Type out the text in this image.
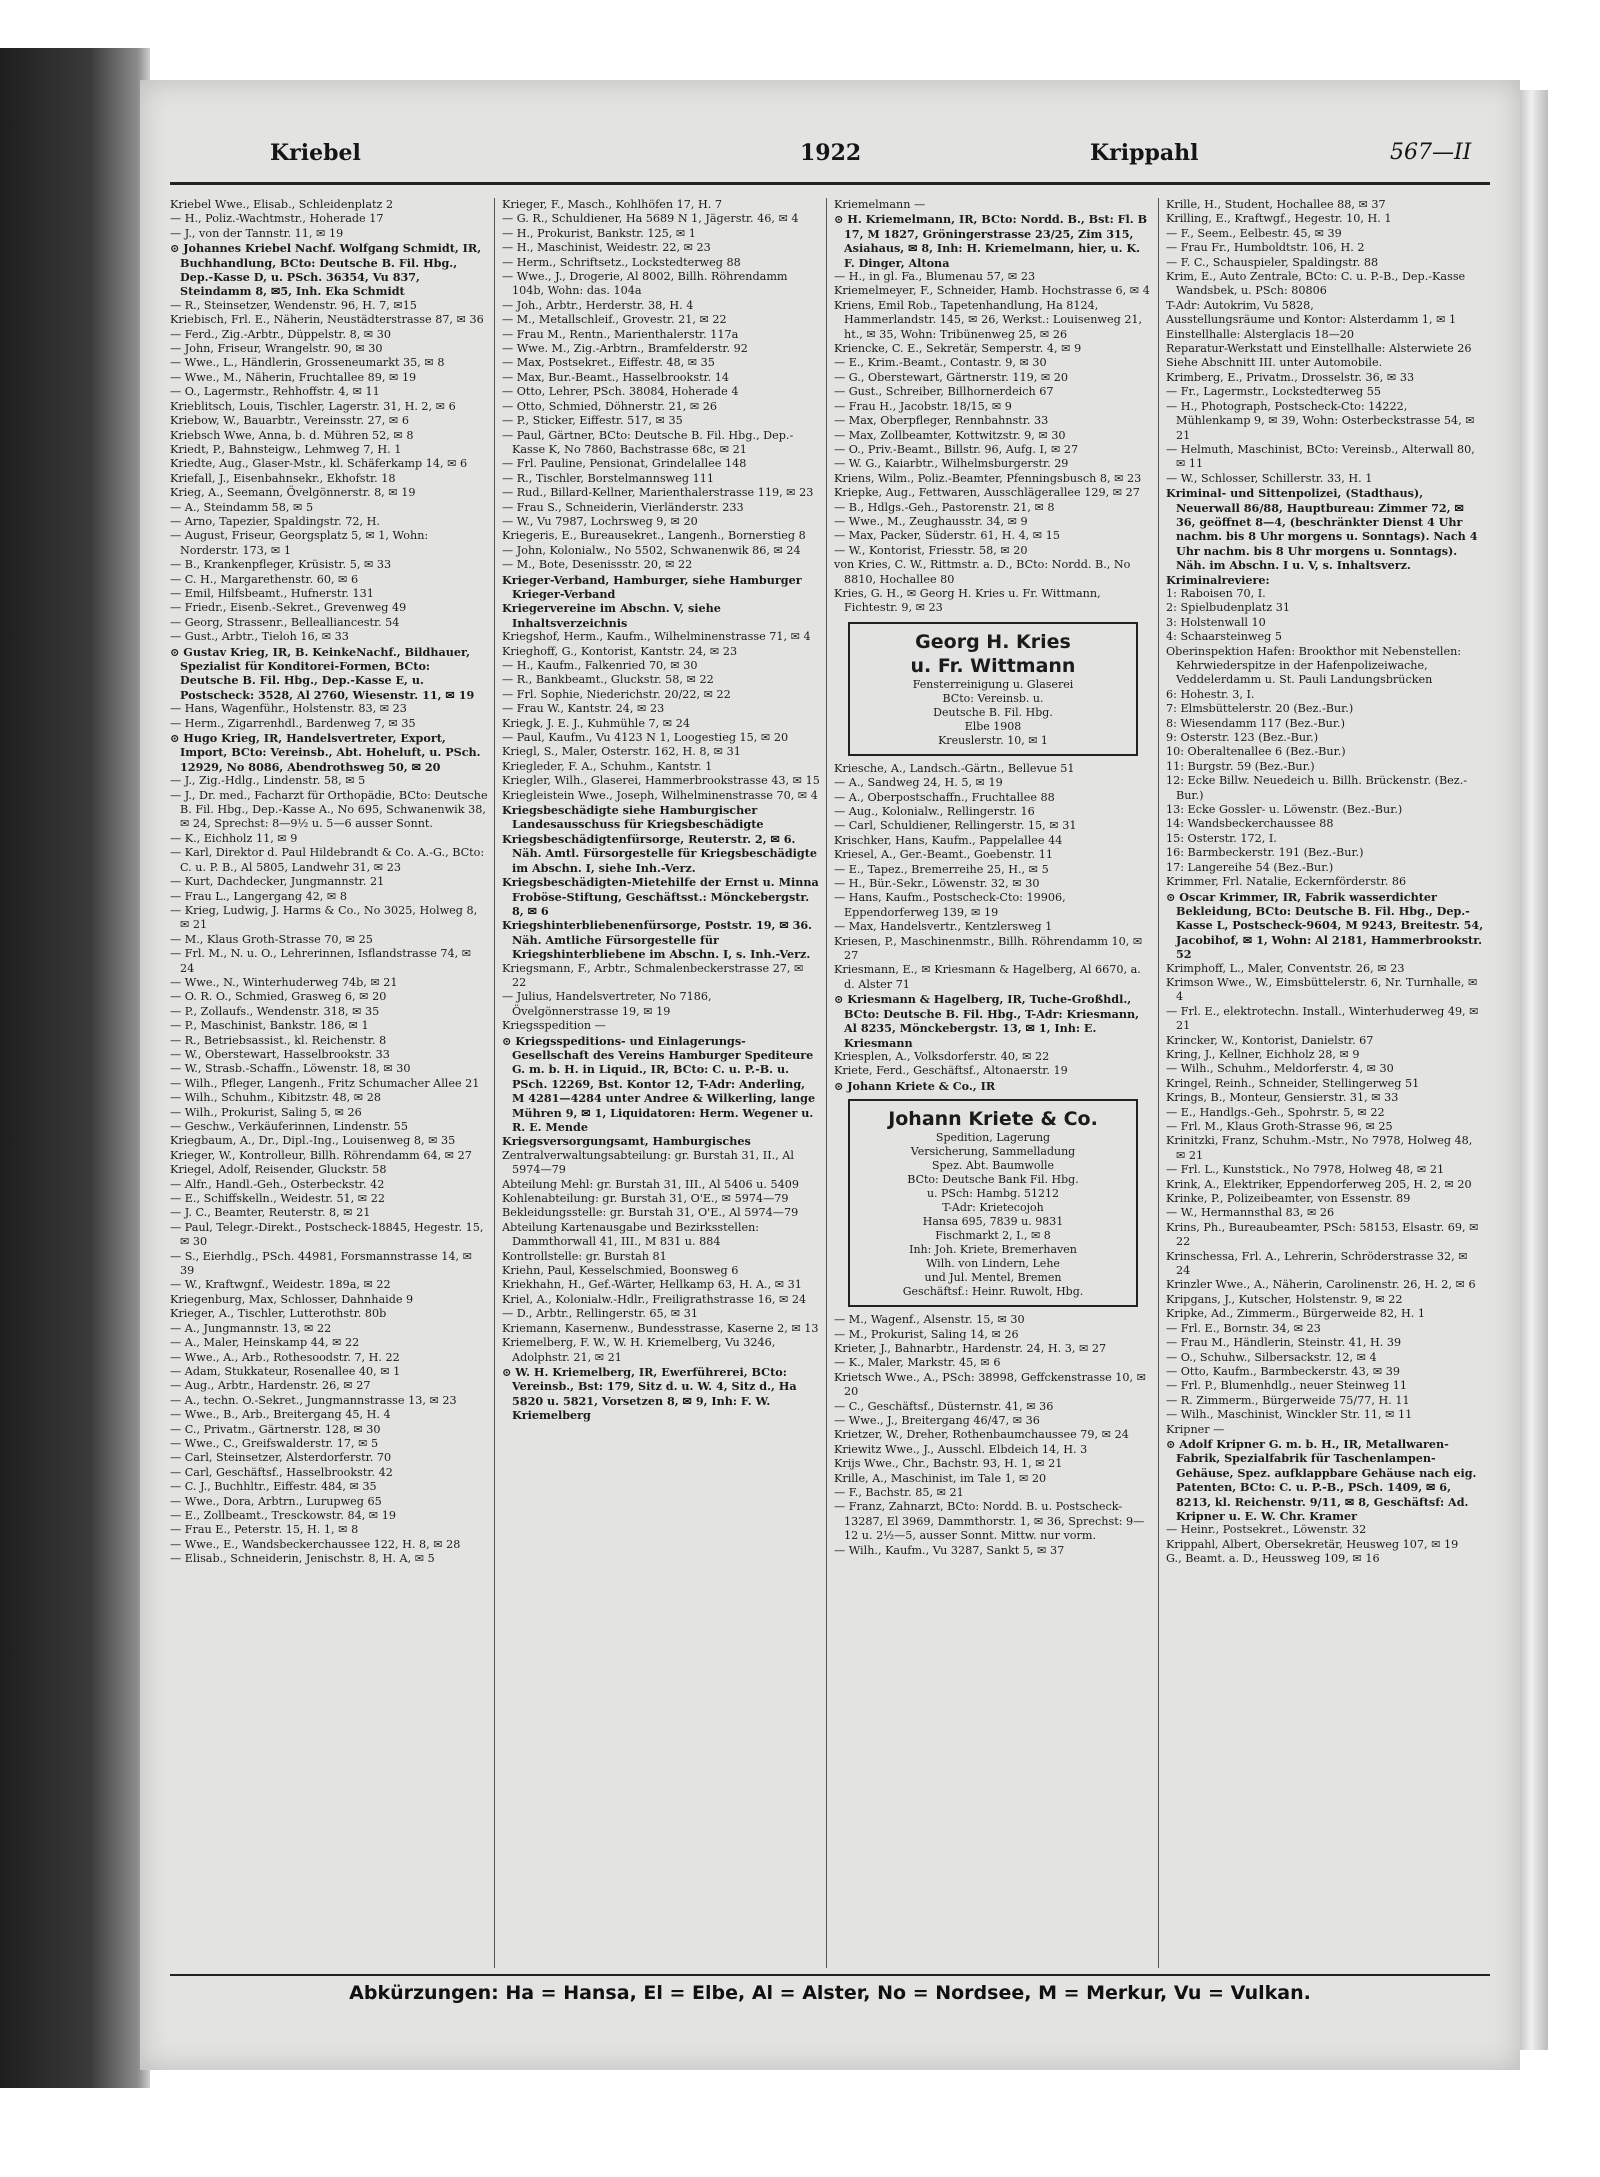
Kriebel	1922	Krippahl	567—II

Kriebel Wwe., Elisab., Schleidenplatz 2

— H., Poliz.-Wachtmstr., Hoherade 17

— J., von der Tannstr. 11, ✉ 19

⊙ Johannes Kriebel Nachf. Wolfgang Schmidt, IR, Buchhandlung, BCto: Deutsche B. Fil. Hbg., Dep.-Kasse D, u. PSch. 36354, Vu 837, Steindamm 8, ✉5, Inh. Eka Schmidt

— R., Steinsetzer, Wendenstr. 96, H. 7, ✉15

Kriebisch, Frl. E., Näherin, Neustädterstrasse 87, ✉ 36

— Ferd., Zig.-Arbtr., Düppelstr. 8, ✉ 30

— John, Friseur, Wrangelstr. 90, ✉ 30

— Wwe., L., Händlerin, Grosseneumarkt 35, ✉ 8

— Wwe., M., Näherin, Fruchtallee 89, ✉ 19

— O., Lagermstr., Rehhoffstr. 4, ✉ 11

Krieblitsch, Louis, Tischler, Lagerstr. 31, H. 2, ✉ 6

Kriebow, W., Bauarbtr., Vereinsstr. 27, ✉ 6

Kriebsch Wwe, Anna, b. d. Mühren 52, ✉ 8

Kriedt, P., Bahnsteigw., Lehmweg 7, H. 1

Kriedte, Aug., Glaser-Mstr., kl. Schäferkamp 14, ✉ 6

Kriefall, J., Eisenbahnsekr., Ekhofstr. 18

Krieg, A., Seemann, Övelgönnerstr. 8, ✉ 19

— A., Steindamm 58, ✉ 5

— Arno, Tapezier, Spaldingstr. 72, H.

— August, Friseur, Georgsplatz 5, ✉ 1, Wohn: Norderstr. 173, ✉ 1

— B., Krankenpfleger, Krüsistr. 5, ✉ 33

— C. H., Margarethenstr. 60, ✉ 6

— Emil, Hilfsbeamt., Hufnerstr. 131

— Friedr., Eisenb.-Sekret., Grevenweg 49

— Georg, Strassenr., Bellealliancestr. 54

— Gust., Arbtr., Tieloh 16, ✉ 33

⊙ Gustav Krieg, IR, B. KeinkeNachf., Bildhauer, Spezialist für Konditorei-Formen, BCto: Deutsche B. Fil. Hbg., Dep.-Kasse E, u. Postscheck: 3528, Al 2760, Wiesenstr. 11, ✉ 19

— Hans, Wagenführ., Holstenstr. 83, ✉ 23

— Herm., Zigarrenhdl., Bardenweg 7, ✉ 35

⊙ Hugo Krieg, IR, Handelsvertreter, Export, Import, BCto: Vereinsb., Abt. Hoheluft, u. PSch. 12929, No 8086, Abendrothsweg 50, ✉ 20

— J., Zig.-Hdlg., Lindenstr. 58, ✉ 5

— J., Dr. med., Facharzt für Orthopädie, BCto: Deutsche B. Fil. Hbg., Dep.-Kasse A., No 695, Schwanenwik 38, ✉ 24, Sprechst: 8—9½ u. 5—6 ausser Sonnt.

— K., Eichholz 11, ✉ 9

— Karl, Direktor d. Paul Hildebrandt & Co. A.-G., BCto: C. u. P. B., Al 5805, Landwehr 31, ✉ 23

— Kurt, Dachdecker, Jungmannstr. 21

— Frau L., Langergang 42, ✉ 8

— Krieg, Ludwig, J. Harms & Co., No 3025, Holweg 8, ✉ 21

— M., Klaus Groth-Strasse 70, ✉ 25

— Frl. M., N. u. O., Lehrerinnen, Isflandstrasse 74, ✉ 24

— Wwe., N., Winterhuderweg 74b, ✉ 21

— O. R. O., Schmied, Grasweg 6, ✉ 20

— P., Zollaufs., Wendenstr. 318, ✉ 35

— P., Maschinist, Bankstr. 186, ✉ 1

— R., Betriebsassist., kl. Reichenstr. 8

— W., Oberstewart, Hasselbrookstr. 33

— W., Strasb.-Schaffn., Löwenstr. 18, ✉ 30

— Wilh., Pfleger, Langenh., Fritz Schumacher Allee 21

— Wilh., Schuhm., Kibitzstr. 48, ✉ 28

— Wilh., Prokurist, Saling 5, ✉ 26

— Geschw., Verkäuferinnen, Lindenstr. 55

Kriegbaum, A., Dr., Dipl.-Ing., Louisenweg 8, ✉ 35

Krieger, W., Kontrolleur, Billh. Röhrendamm 64, ✉ 27

Kriegel, Adolf, Reisender, Gluckstr. 58

— Alfr., Handl.-Geh., Osterbeckstr. 42

— E., Schiffskelln., Weidestr. 51, ✉ 22

— J. C., Beamter, Reuterstr. 8, ✉ 21

— Paul, Telegr.-Direkt., Postscheck-18845, Hegestr. 15, ✉ 30

— S., Eierhdlg., PSch. 44981, Forsmannstrasse 14, ✉ 39

— W., Kraftwgnf., Weidestr. 189a, ✉ 22

Kriegenburg, Max, Schlosser, Dahnhaide 9

Krieger, A., Tischler, Lutterothstr. 80b

— A., Jungmannstr. 13, ✉ 22

— A., Maler, Heinskamp 44, ✉ 22

— Wwe., A., Arb., Rothesoodstr. 7, H. 22

— Adam, Stukkateur, Rosenallee 40, ✉ 1

— Aug., Arbtr., Hardenstr. 26, ✉ 27

— A., techn. O.-Sekret., Jungmannstrasse 13, ✉ 23

— Wwe., B., Arb., Breitergang 45, H. 4

— C., Privatm., Gärtnerstr. 128, ✉ 30

— Wwe., C., Greifswalderstr. 17, ✉ 5

— Carl, Steinsetzer, Alsterdorferstr. 70

— Carl, Geschäftsf., Hasselbrookstr. 42

— C. J., Buchhltr., Eiffestr. 484, ✉ 35

— Wwe., Dora, Arbtrn., Lurupweg 65

— E., Zollbeamt., Tresckowstr. 84, ✉ 19

— Frau E., Peterstr. 15, H. 1, ✉ 8

— Wwe., E., Wandsbeckerchaussee 122, H. 8, ✉ 28

— Elisab., Schneiderin, Jenischstr. 8, H. A, ✉ 5

Krieger, F., Masch., Kohlhöfen 17, H. 7

— G. R., Schuldiener, Ha 5689 N 1, Jägerstr. 46, ✉ 4

— H., Prokurist, Bankstr. 125, ✉ 1

— H., Maschinist, Weidestr. 22, ✉ 23

— Herm., Schriftsetz., Lockstedterweg 88

— Wwe., J., Drogerie, Al 8002, Billh. Röhrendamm 104b, Wohn: das. 104a

— Joh., Arbtr., Herderstr. 38, H. 4

— M., Metallschleif., Grovestr. 21, ✉ 22

— Frau M., Rentn., Marienthalerstr. 117a

— Wwe. M., Zig.-Arbtrn., Bramfelderstr. 92

— Max, Postsekret., Eiffestr. 48, ✉ 35

— Max, Bur.-Beamt., Hasselbrookstr. 14

— Otto, Lehrer, PSch. 38084, Hoherade 4

— Otto, Schmied, Döhnerstr. 21, ✉ 26

— P., Sticker, Eiffestr. 517, ✉ 35

— Paul, Gärtner, BCto: Deutsche B. Fil. Hbg., Dep.-Kasse K, No 7860, Bachstrasse 68c, ✉ 21

— Frl. Pauline, Pensionat, Grindelallee 148

— R., Tischler, Borstelmannsweg 111

— Rud., Billard-Kellner, Marienthalerstrasse 119, ✉ 23

— Frau S., Schneiderin, Vierländerstr. 233

— W., Vu 7987, Lochrsweg 9, ✉ 20

Kriegeris, E., Bureausekret., Langenh., Bornerstieg 8

— John, Kolonialw., No 5502, Schwanenwik 86, ✉ 24

— M., Bote, Desenissstr. 20, ✉ 22

Krieger-Verband, Hamburger, siehe Hamburger Krieger-Verband

Kriegervereine im Abschn. V, siehe Inhaltsverzeichnis

Kriegshof, Herm., Kaufm., Wilhelminenstrasse 71, ✉ 4

Krieghoff, G., Kontorist, Kantstr. 24, ✉ 23

— H., Kaufm., Falkenried 70, ✉ 30

— R., Bankbeamt., Gluckstr. 58, ✉ 22

— Frl. Sophie, Niederichstr. 20/22, ✉ 22

— Frau W., Kantstr. 24, ✉ 23

Kriegk, J. E. J., Kuhmühle 7, ✉ 24

— Paul, Kaufm., Vu 4123 N 1, Loogestieg 15, ✉ 20

Kriegl, S., Maler, Osterstr. 162, H. 8, ✉ 31

Kriegleder, F. A., Schuhm., Kantstr. 1

Kriegler, Wilh., Glaserei, Hammerbrookstrasse 43, ✉ 15

Kriegleistein Wwe., Joseph, Wilhelminenstrasse 70, ✉ 4

Kriegsbeschädigte siehe Hamburgischer Landesausschuss für Kriegsbeschädigte

Kriegsbeschädigtenfürsorge, Reuterstr. 2, ✉ 6. Näh. Amtl. Fürsorgestelle für Kriegsbeschädigte im Abschn. I, siehe Inh.-Verz.

Kriegsbeschädigten-Mietehilfe der Ernst u. Minna Froböse-Stiftung, Geschäftsst.: Mönckebergstr. 8, ✉ 6

Kriegshinterbliebenenfürsorge, Poststr. 19, ✉ 36. Näh. Amtliche Fürsorgestelle für Kriegshinterbliebene im Abschn. I, s. Inh.-Verz.

Kriegsmann, F., Arbtr., Schmalenbeckerstrasse 27, ✉ 22

— Julius, Handelsvertreter, No 7186, Övelgönnerstrasse 19, ✉ 19

Kriegsspedition —

⊙ Kriegsspeditions- und Einlagerungs-Gesellschaft des Vereins Hamburger Spediteure G. m. b. H. in Liquid., IR, BCto: C. u. P.-B. u. PSch. 12269, Bst. Kontor 12, T-Adr: Anderling, M 4281—4284 unter Andree & Wilkerling, lange Mühren 9, ✉ 1, Liquidatoren: Herm. Wegener u. R. E. Mende

Kriegsversorgungsamt, Hamburgisches

Zentralverwaltungsabteilung: gr. Burstah 31, II., Al 5974—79

Abteilung Mehl: gr. Burstah 31, III., Al 5406 u. 5409

Kohlenabteilung: gr. Burstah 31, O'E., ✉ 5974—79

Bekleidungsstelle: gr. Burstah 31, O'E., Al 5974—79

Abteilung Kartenausgabe und Bezirksstellen: Dammthorwall 41, III., M 831 u. 884

Kontrollstelle: gr. Burstah 81

Kriehn, Paul, Kesselschmied, Boonsweg 6

Kriekhahn, H., Gef.-Wärter, Hellkamp 63, H. A., ✉ 31

Kriel, A., Kolonialw.-Hdlr., Freiligrathstrasse 16, ✉ 24

— D., Arbtr., Rellingerstr. 65, ✉ 31

Kriemann, Kasernenw., Bundesstrasse, Kaserne 2, ✉ 13

Kriemelberg, F. W., W. H. Kriemelberg, Vu 3246, Adolphstr. 21, ✉ 21

⊙ W. H. Kriemelberg, IR, Ewerführerei, BCto: Vereinsb., Bst: 179, Sitz d. u. W. 4, Sitz d., Ha 5820 u. 5821, Vorsetzen 8, ✉ 9, Inh: F. W. Kriemelberg

Kriemelmann —

⊙ H. Kriemelmann, IR, BCto: Nordd. B., Bst: Fl. B 17, M 1827, Gröningerstrasse 23/25, Zim 315, Asiahaus, ✉ 8, Inh: H. Kriemelmann, hier, u. K. F. Dinger, Altona

— H., in gl. Fa., Blumenau 57, ✉ 23

Kriemelmeyer, F., Schneider, Hamb. Hochstrasse 6, ✉ 4

Kriens, Emil Rob., Tapetenhandlung, Ha 8124, Hammerlandstr. 145, ✉ 26, Werkst.: Louisenweg 21, ht., ✉ 35, Wohn: Tribünenweg 25, ✉ 26

Kriencke, C. E., Sekretär, Semperstr. 4, ✉ 9

— E., Krim.-Beamt., Contastr. 9, ✉ 30

— G., Oberstewart, Gärtnerstr. 119, ✉ 20

— Gust., Schreiber, Billhornerdeich 67

— Frau H., Jacobstr. 18/15, ✉ 9

— Max, Oberpfleger, Rennbahnstr. 33

— Max, Zollbeamter, Kottwitzstr. 9, ✉ 30

— O., Priv.-Beamt., Billstr. 96, Aufg. I, ✉ 27

— W. G., Kaiarbtr., Wilhelmsburgerstr. 29

Kriens, Wilm., Poliz.-Beamter, Pfenningsbusch 8, ✉ 23

Kriepke, Aug., Fettwaren, Ausschlägerallee 129, ✉ 27

— B., Hdlgs.-Geh., Pastorenstr. 21, ✉ 8

— Wwe., M., Zeughausstr. 34, ✉ 9

— Max, Packer, Süderstr. 61, H. 4, ✉ 15

— W., Kontorist, Friesstr. 58, ✉ 20

von Kries, C. W., Rittmstr. a. D., BCto: Nordd. B., No 8810, Hochallee 80

Kries, G. H., ✉ Georg H. Kries u. Fr. Wittmann, Fichtestr. 9, ✉ 23

Georg H. Kries
u. Fr. Wittmann
Fensterreinigung u. Glaserei
BCto: Vereinsb. u.
Deutsche B. Fil. Hbg.
Elbe 1908
Kreuslerstr. 10, ✉ 1

Kriesche, A., Landsch.-Gärtn., Bellevue 51

— A., Sandweg 24, H. 5, ✉ 19

— A., Oberpostschaffn., Fruchtallee 88

— Aug., Kolonialw., Rellingerstr. 16

— Carl, Schuldiener, Rellingerstr. 15, ✉ 31

Krischker, Hans, Kaufm., Pappelallee 44

Kriesel, A., Ger.-Beamt., Goebenstr. 11

— E., Tapez., Bremerreihe 25, H., ✉ 5

— H., Bür.-Sekr., Löwenstr. 32, ✉ 30

— Hans, Kaufm., Postscheck-Cto: 19906, Eppendorferweg 139, ✉ 19

— Max, Handelsvertr., Kentzlersweg 1

Kriesen, P., Maschinenmstr., Billh. Röhrendamm 10, ✉ 27

Kriesmann, E., ✉ Kriesmann & Hagelberg, Al 6670, a. d. Alster 71

⊙ Kriesmann & Hagelberg, IR, Tuche-Großhdl., BCto: Deutsche B. Fil. Hbg., T-Adr: Kriesmann, Al 8235, Mönckebergstr. 13, ✉ 1, Inh: E. Kriesmann

Kriesplen, A., Volksdorferstr. 40, ✉ 22

Kriete, Ferd., Geschäftsf., Altonaerstr. 19

⊙ Johann Kriete & Co., IR

Johann Kriete & Co.
Spedition, Lagerung
Versicherung, Sammelladung
Spez. Abt. Baumwolle
BCto: Deutsche Bank Fil. Hbg.
u. PSch: Hambg. 51212
T-Adr: Krietecojoh
Hansa 695, 7839 u. 9831
Fischmarkt 2, I., ✉ 8
Inh: Joh. Kriete, Bremerhaven
Wilh. von Lindern, Lehe
und Jul. Mentel, Bremen
Geschäftsf.: Heinr. Ruwolt, Hbg.

— M., Wagenf., Alsenstr. 15, ✉ 30

— M., Prokurist, Saling 14, ✉ 26

Krieter, J., Bahnarbtr., Hardenstr. 24, H. 3, ✉ 27

— K., Maler, Markstr. 45, ✉ 6

Krietsch Wwe., A., PSch: 38998, Geffckenstrasse 10, ✉ 20

— C., Geschäftsf., Düsternstr. 41, ✉ 36

— Wwe., J., Breitergang 46/47, ✉ 36

Krietzer, W., Dreher, Rothenbaumchaussee 79, ✉ 24

Kriewitz Wwe., J., Ausschl. Elbdeich 14, H. 3

Krijs Wwe., Chr., Bachstr. 93, H. 1, ✉ 21

Krille, A., Maschinist, im Tale 1, ✉ 20

— F., Bachstr. 85, ✉ 21

— Franz, Zahnarzt, BCto: Nordd. B. u. Postscheck-13287, El 3969, Dammthorstr. 1, ✉ 36, Sprechst: 9—12 u. 2½—5, ausser Sonnt. Mittw. nur vorm.

— Wilh., Kaufm., Vu 3287, Sankt 5, ✉ 37

Krille, H., Student, Hochallee 88, ✉ 37

Krilling, E., Kraftwgf., Hegestr. 10, H. 1

— F., Seem., Eelbestr. 45, ✉ 39

— Frau Fr., Humboldtstr. 106, H. 2

— F. C., Schauspieler, Spaldingstr. 88

Krim, E., Auto Zentrale, BCto: C. u. P.-B., Dep.-Kasse Wandsbek, u. PSch: 80806

T-Adr: Autokrim, Vu 5828,

Ausstellungsräume und Kontor: Alsterdamm 1, ✉ 1

Einstellhalle: Alsterglacis 18—20

Reparatur-Werkstatt und Einstellhalle: Alsterwiete 26

Siehe Abschnitt III. unter Automobile.

Krimberg, E., Privatm., Drosselstr. 36, ✉ 33

— Fr., Lagermstr., Lockstedterweg 55

— H., Photograph, Postscheck-Cto: 14222, Mühlenkamp 9, ✉ 39, Wohn: Osterbeckstrasse 54, ✉ 21

— Helmuth, Maschinist, BCto: Vereinsb., Alterwall 80, ✉ 11

— W., Schlosser, Schillerstr. 33, H. 1

Kriminal- und Sittenpolizei, (Stadthaus), Neuerwall 86/88, Hauptbureau: Zimmer 72, ✉ 36, geöffnet 8—4, (beschränkter Dienst 4 Uhr nachm. bis 8 Uhr morgens u. Sonntags). Nach 4 Uhr nachm. bis 8 Uhr morgens u. Sonntags). Näh. im Abschn. I u. V, s. Inhaltsverz.

Kriminalreviere:

1: Raboisen 70, I.

2: Spielbudenplatz 31

3: Holstenwall 10

4: Schaarsteinweg 5

Oberinspektion Hafen: Brookthor mit Nebenstellen: Kehrwiederspitze in der Hafenpolizeiwache, Veddelerdamm u. St. Pauli Landungsbrücken

6: Hohestr. 3, I.

7: Elmsbüttelerstr. 20 (Bez.-Bur.)

8: Wiesendamm 117 (Bez.-Bur.)

9: Osterstr. 123 (Bez.-Bur.)

10: Oberaltenallee 6 (Bez.-Bur.)

11: Burgstr. 59 (Bez.-Bur.)

12: Ecke Billw. Neuedeich u. Billh. Brückenstr. (Bez.-Bur.)

13: Ecke Gossler- u. Löwenstr. (Bez.-Bur.)

14: Wandsbeckerchaussee 88

15: Osterstr. 172, I.

16: Barmbeckerstr. 191 (Bez.-Bur.)

17: Langereihe 54 (Bez.-Bur.)

Krimmer, Frl. Natalie, Eckernförderstr. 86

⊙ Oscar Krimmer, IR, Fabrik wasserdichter Bekleidung, BCto: Deutsche B. Fil. Hbg., Dep.-Kasse L, Postscheck-9604, M 9243, Breitestr. 54, Jacobihof, ✉ 1, Wohn: Al 2181, Hammerbrookstr. 52

Krimphoff, L., Maler, Conventstr. 26, ✉ 23

Krimson Wwe., W., Eimsbüttelerstr. 6, Nr. Turnhalle, ✉ 4

— Frl. E., elektrotechn. Install., Winterhuderweg 49, ✉ 21

Krincker, W., Kontorist, Danielstr. 67

Kring, J., Kellner, Eichholz 28, ✉ 9

— Wilh., Schuhm., Meldorferstr. 4, ✉ 30

Kringel, Reinh., Schneider, Stellingerweg 51

Krings, B., Monteur, Gensierstr. 31, ✉ 33

— E., Handlgs.-Geh., Spohrstr. 5, ✉ 22

— Frl. M., Klaus Groth-Strasse 96, ✉ 25

Krinitzki, Franz, Schuhm.-Mstr., No 7978, Holweg 48, ✉ 21

— Frl. L., Kunststick., No 7978, Holweg 48, ✉ 21

Krink, A., Elektriker, Eppendorferweg 205, H. 2, ✉ 20

Krinke, P., Polizeibeamter, von Essenstr. 89

— W., Hermannsthal 83, ✉ 26

Krins, Ph., Bureaubeamter, PSch: 58153, Elsastr. 69, ✉ 22

Krinschessa, Frl. A., Lehrerin, Schröderstrasse 32, ✉ 24

Krinzler Wwe., A., Näherin, Carolinenstr. 26, H. 2, ✉ 6

Kripgans, J., Kutscher, Holstenstr. 9, ✉ 22

Kripke, Ad., Zimmerm., Bürgerweide 82, H. 1

— Frl. E., Bornstr. 34, ✉ 23

— Frau M., Händlerin, Steinstr. 41, H. 39

— O., Schuhw., Silbersackstr. 12, ✉ 4

— Otto, Kaufm., Barmbeckerstr. 43, ✉ 39

— Frl. P., Blumenhdlg., neuer Steinweg 11

— R. Zimmerm., Bürgerweide 75/77, H. 11

— Wilh., Maschinist, Winckler Str. 11, ✉ 11

Kripner —

⊙ Adolf Kripner G. m. b. H., IR, Metallwaren-Fabrik, Spezialfabrik für Taschenlampen-Gehäuse, Spez. aufklappbare Gehäuse nach eig. Patenten, BCto: C. u. P.-B., PSch. 1409, ✉ 6, 8213, kl. Reichenstr. 9/11, ✉ 8, Geschäftsf: Ad. Kripner u. E. W. Chr. Kramer

— Heinr., Postsekret., Löwenstr. 32

Krippahl, Albert, Obersekretär, Heusweg 107, ✉ 19

G., Beamt. a. D., Heussweg 109, ✉ 16

Abkürzungen: Ha = Hansa, El = Elbe, Al = Alster, No = Nordsee, M = Merkur, Vu = Vulkan.
